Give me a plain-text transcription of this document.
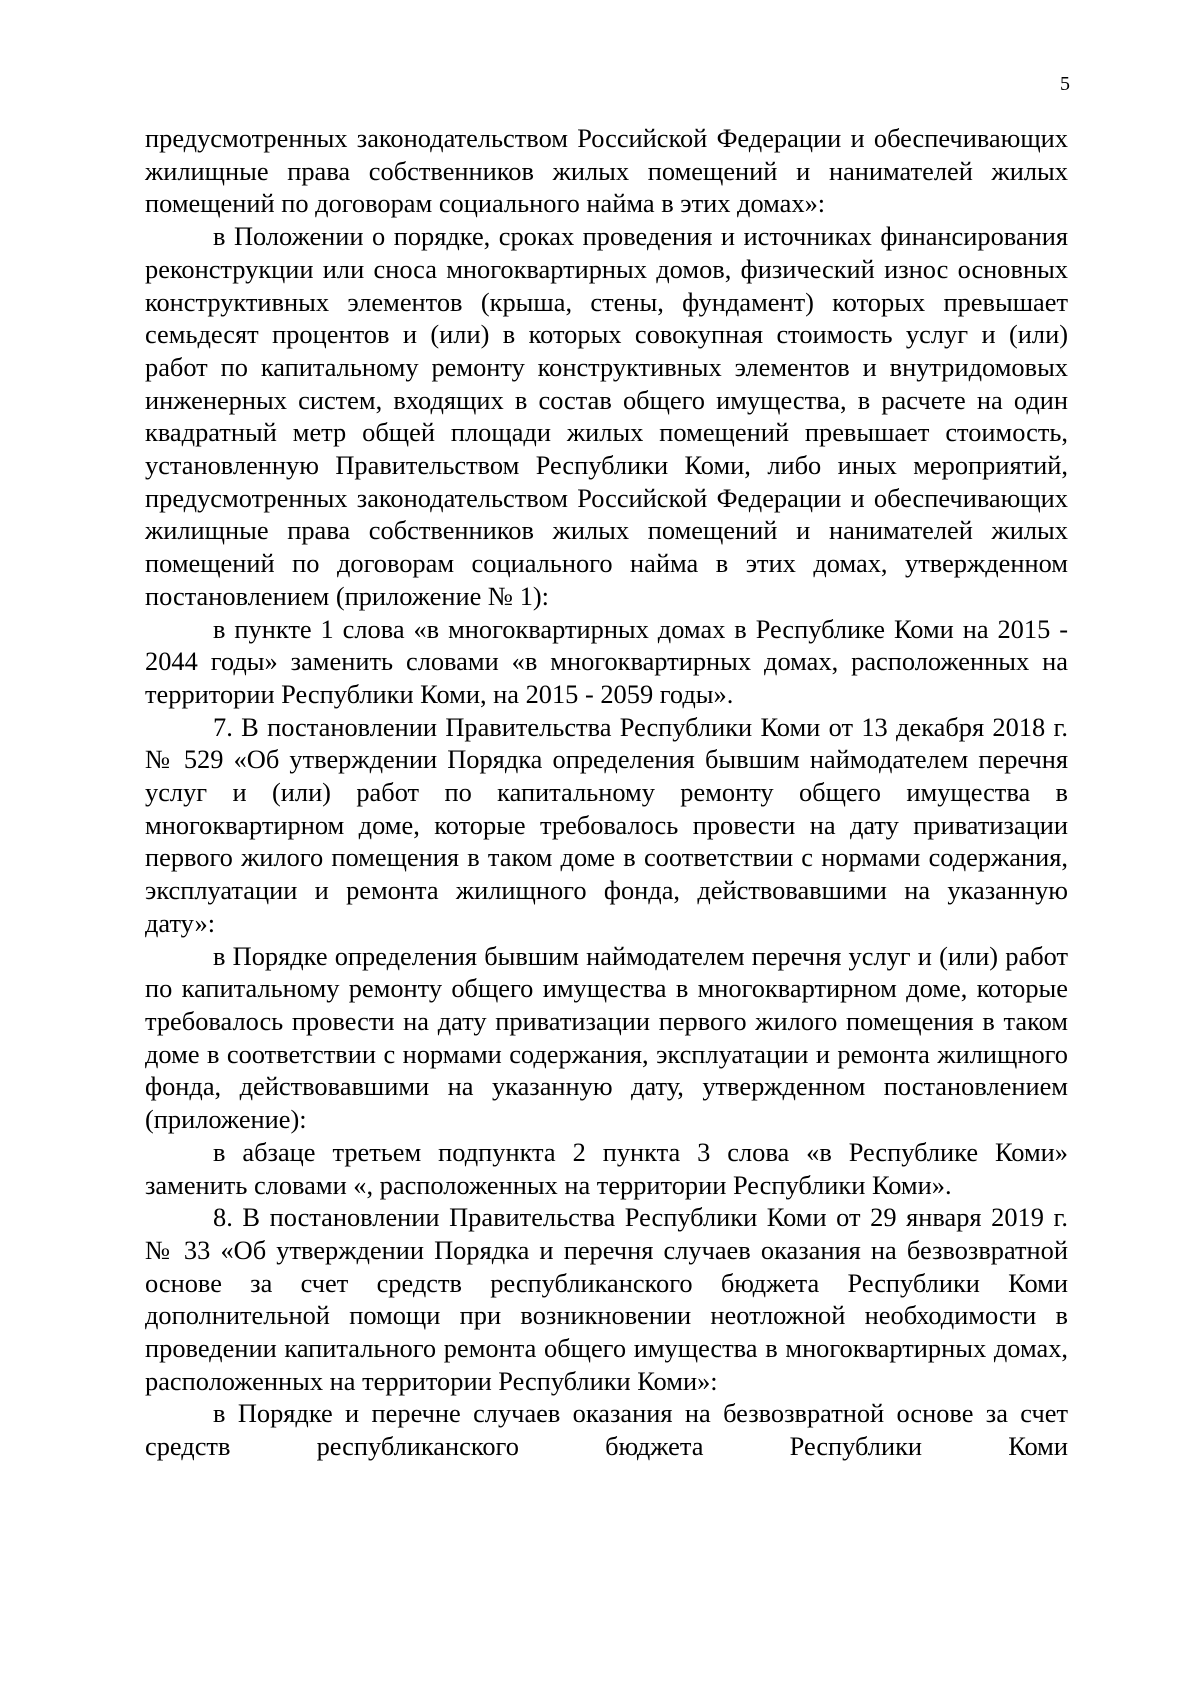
5

предусмотренных законодательством Российской Федерации и обеспечивающих жилищные права собственников жилых помещений и нанимателей жилых помещений по договорам социального найма в этих домах»:

в Положении о порядке, сроках проведения и источниках финансирования реконструкции или сноса многоквартирных домов, физический износ основных конструктивных элементов (крыша, стены, фундамент) которых превышает семьдесят процентов и (или) в которых совокупная стоимость услуг и (или) работ по капитальному ремонту конструктивных элементов и внутридомовых инженерных систем, входящих в состав общего имущества, в расчете на один квадратный метр общей площади жилых помещений превышает стоимость, установленную Правительством Республики Коми, либо иных мероприятий, предусмотренных законодательством Российской Федерации и обеспечивающих жилищные права собственников жилых помещений и нанимателей жилых помещений по договорам социального найма в этих домах, утвержденном постановлением (приложение № 1):

в пункте 1 слова «в многоквартирных домах в Республике Коми на 2015 - 2044 годы» заменить словами «в многоквартирных домах, расположенных на территории Республики Коми, на 2015 - 2059 годы».

7. В постановлении Правительства Республики Коми от 13 декабря 2018 г. № 529 «Об утверждении Порядка определения бывшим наймодателем перечня услуг и (или) работ по капитальному ремонту общего имущества в многоквартирном доме, которые требовалось провести на дату приватизации первого жилого помещения в таком доме в соответствии с нормами содержания, эксплуатации и ремонта жилищного фонда, действовавшими на указанную дату»:

в Порядке определения бывшим наймодателем перечня услуг и (или) работ по капитальному ремонту общего имущества в многоквартирном доме, которые требовалось провести на дату приватизации первого жилого помещения в таком доме в соответствии с нормами содержания, эксплуатации и ремонта жилищного фонда, действовавшими на указанную дату, утвержденном постановлением (приложение):

в абзаце третьем подпункта 2 пункта 3 слова «в Республике Коми» заменить словами «, расположенных на территории Республики Коми».

8. В постановлении Правительства Республики Коми от 29 января 2019 г. № 33 «Об утверждении Порядка и перечня случаев оказания на безвозвратной основе за счет средств республиканского бюджета Республики Коми дополнительной помощи при возникновении неотложной необходимости в проведении капитального ремонта общего имущества в многоквартирных домах, расположенных на территории Республики Коми»:

в Порядке и перечне случаев оказания на безвозвратной основе за счет средств республиканского бюджета Республики Коми
